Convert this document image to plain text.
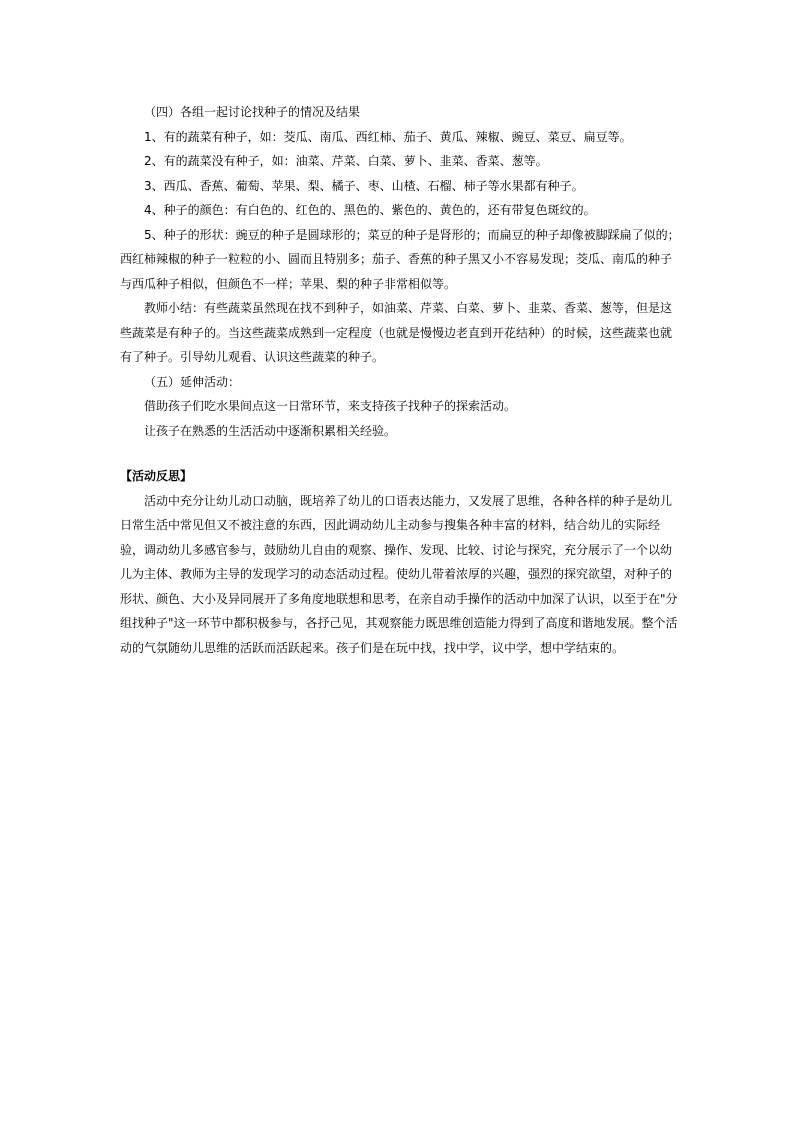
（四）各组一起讨论找种子的情况及结果

1、有的蔬菜有种子，如：茭瓜、南瓜、西红柿、茄子、黄瓜、辣椒、豌豆、菜豆、扁豆等。

2、有的蔬菜没有种子，如：油菜、芹菜、白菜、萝卜、韭菜、香菜、葱等。

3、西瓜、香蕉、葡萄、苹果、梨、橘子、枣、山楂、石榴、柿子等水果都有种子。

4、种子的颜色：有白色的、红色的、黑色的、紫色的、黄色的，还有带复色斑纹的。

5、种子的形状：豌豆的种子是圆球形的；菜豆的种子是肾形的；而扁豆的种子却像被脚踩扁了似的；西红柿辣椒的种子一粒粒的小、圆而且特别多；茄子、香蕉的种子黑又小不容易发现；茭瓜、南瓜的种子与西瓜种子相似，但颜色不一样；苹果、梨的种子非常相似等。

教师小结：有些蔬菜虽然现在找不到种子，如油菜、芹菜、白菜、萝卜、韭菜、香菜、葱等，但是这些蔬菜是有种子的。当这些蔬菜成熟到一定程度（也就是慢慢边老直到开花结种）的时候，这些蔬菜也就有了种子。引导幼儿观看、认识这些蔬菜的种子。

（五）延伸活动：

借助孩子们吃水果间点这一日常环节，来支持孩子找种子的探索活动。

让孩子在熟悉的生活活动中逐渐积累相关经验。

【活动反思】

活动中充分让幼儿动口动脑，既培养了幼儿的口语表达能力，又发展了思维，各种各样的种子是幼儿日常生活中常见但又不被注意的东西，因此调动幼儿主动参与搜集各种丰富的材料，结合幼儿的实际经验，调动幼儿多感官参与，鼓励幼儿自由的观察、操作、发现、比较、讨论与探究，充分展示了一个以幼儿为主体、教师为主导的发现学习的动态活动过程。使幼儿带着浓厚的兴趣，强烈的探究欲望，对种子的形状、颜色、大小及异同展开了多角度地联想和思考，在亲自动手操作的活动中加深了认识，以至于在"分组找种子"这一环节中都积极参与，各抒己见，其观察能力既思维创造能力得到了高度和谐地发展。整个活动的气氛随幼儿思维的活跃而活跃起来。孩子们是在玩中找，找中学，议中学，想中学结束的。
